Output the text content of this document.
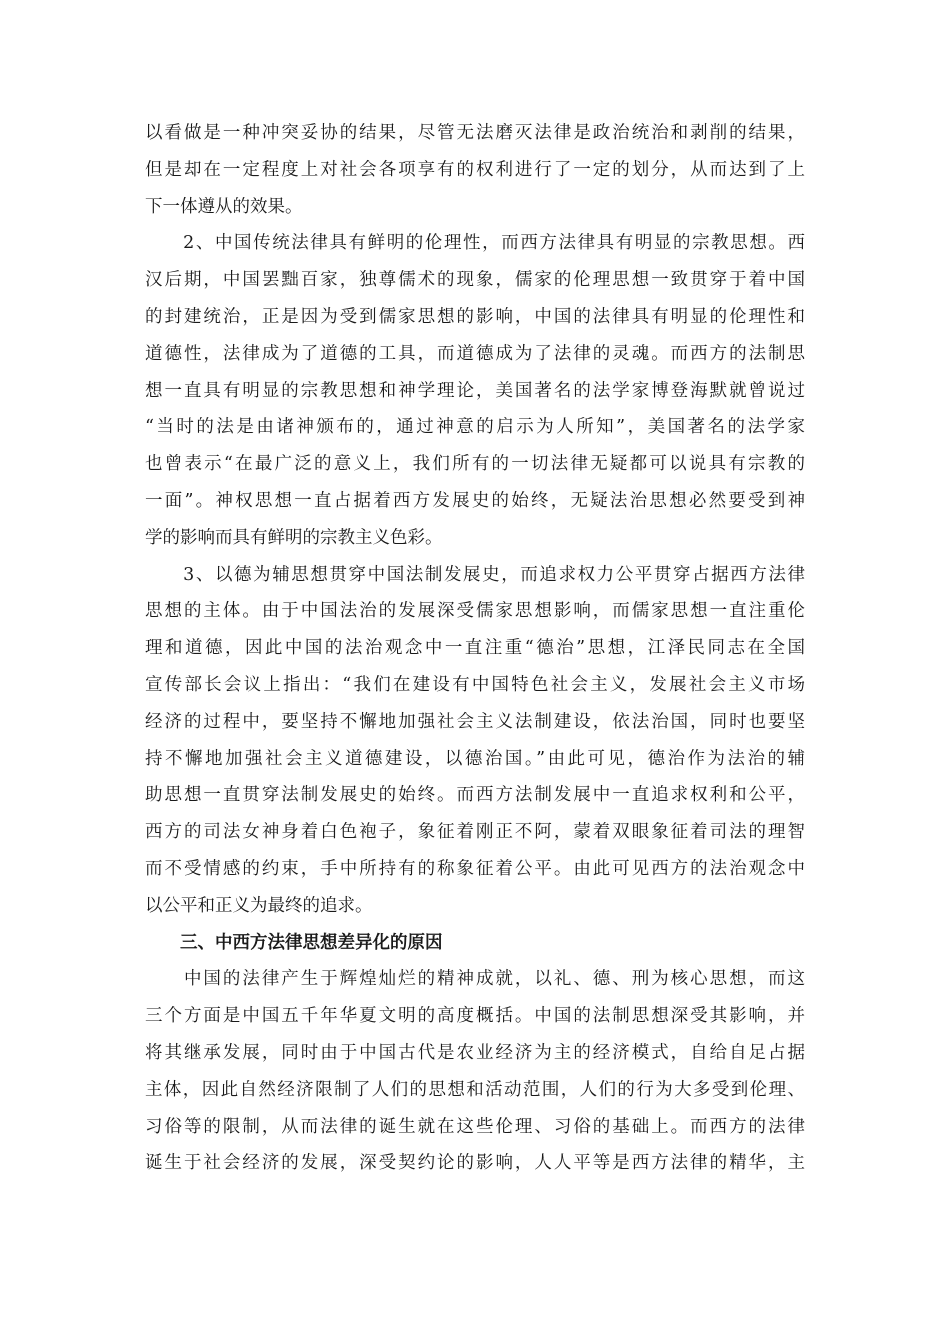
以看做是一种冲突妥协的结果，尽管无法磨灭法律是政治统治和剥削的结果，
但是却在一定程度上对社会各项享有的权利进行了一定的划分，从而达到了上
下一体遵从的效果。
　　2、中国传统法律具有鲜明的伦理性，而西方法律具有明显的宗教思想。西
汉后期，中国罢黜百家，独尊儒术的现象，儒家的伦理思想一致贯穿于着中国
的封建统治，正是因为受到儒家思想的影响，中国的法律具有明显的伦理性和
道德性，法律成为了道德的工具，而道德成为了法律的灵魂。而西方的法制思
想一直具有明显的宗教思想和神学理论，美国著名的法学家博登海默就曾说过
“当时的法是由诸神颁布的，通过神意的启示为人所知”，美国著名的法学家
也曾表示“在最广泛的意义上，我们所有的一切法律无疑都可以说具有宗教的
一面”。神权思想一直占据着西方发展史的始终，无疑法治思想必然要受到神
学的影响而具有鲜明的宗教主义色彩。
　　3、以德为辅思想贯穿中国法制发展史，而追求权力公平贯穿占据西方法律
思想的主体。由于中国法治的发展深受儒家思想影响，而儒家思想一直注重伦
理和道德，因此中国的法治观念中一直注重“德治”思想，江泽民同志在全国
宣传部长会议上指出：“我们在建设有中国特色社会主义，发展社会主义市场
经济的过程中，要坚持不懈地加强社会主义法制建设，依法治国，同时也要坚
持不懈地加强社会主义道德建设，以德治国。”由此可见，德治作为法治的辅
助思想一直贯穿法制发展史的始终。而西方法制发展中一直追求权利和公平，
西方的司法女神身着白色袍子，象征着刚正不阿，蒙着双眼象征着司法的理智
而不受情感的约束，手中所持有的称象征着公平。由此可见西方的法治观念中
以公平和正义为最终的追求。
　　三、中西方法律思想差异化的原因
　　中国的法律产生于辉煌灿烂的精神成就，以礼、德、刑为核心思想，而这
三个方面是中国五千年华夏文明的高度概括。中国的法制思想深受其影响，并
将其继承发展，同时由于中国古代是农业经济为主的经济模式，自给自足占据
主体，因此自然经济限制了人们的思想和活动范围，人们的行为大多受到伦理、
习俗等的限制，从而法律的诞生就在这些伦理、习俗的基础上。而西方的法律
诞生于社会经济的发展，深受契约论的影响，人人平等是西方法律的精华，主
